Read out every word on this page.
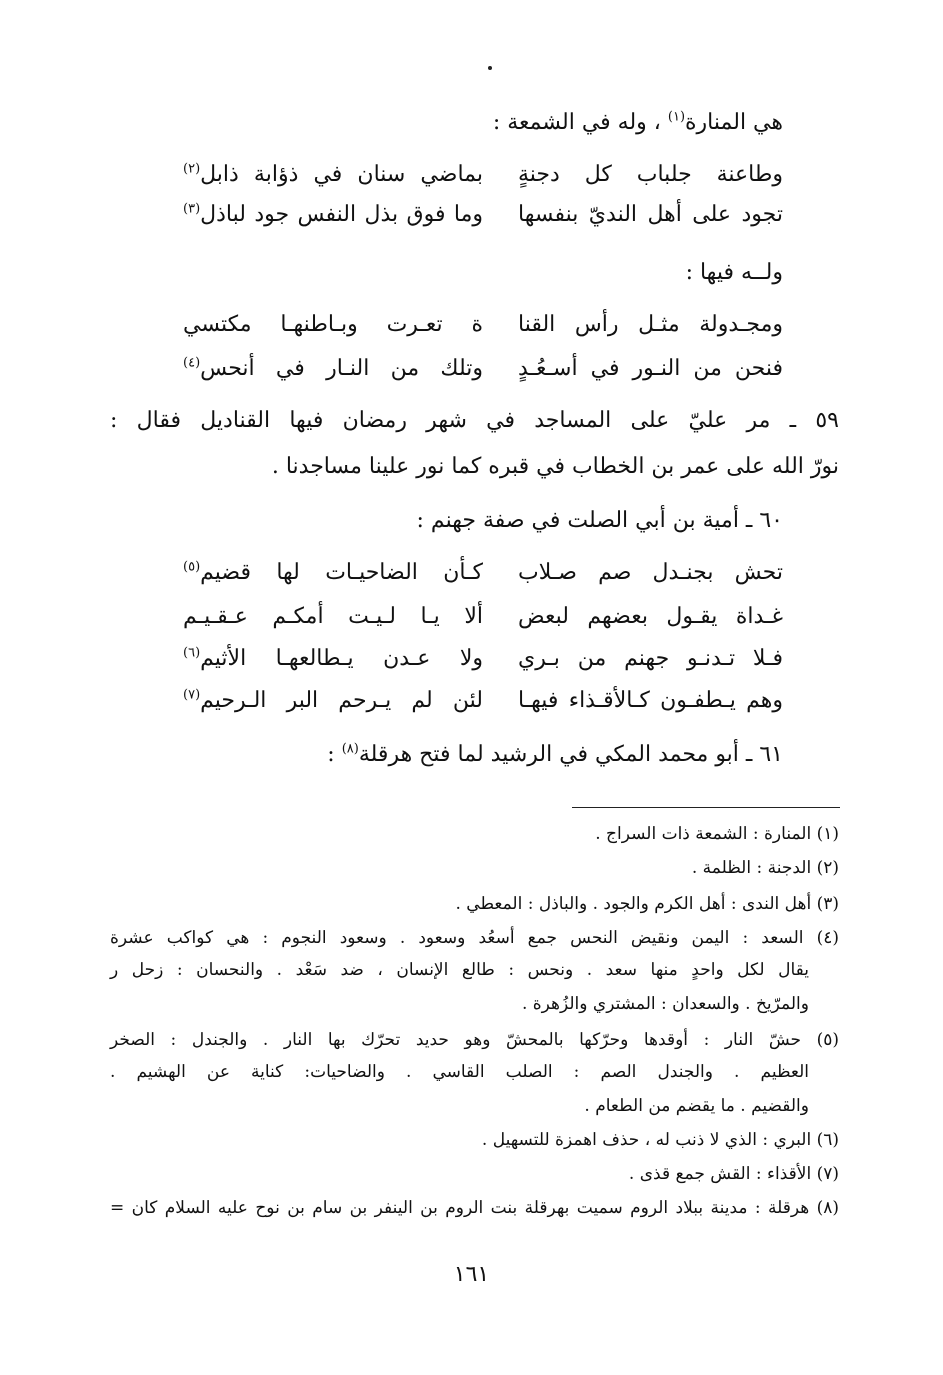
هي المنارة$^{(١)}$ ، وله في الشمعة :
وطاعنة جلباب كل دجنةٍ
بماضي سنان في ذؤابة ذابل$^{(٢)}$
تجود على أهل النديّ بنفسها
وما فوق بذل النفس جود لباذل$^{(٣)}$
ولــه فيها :
ومجـدولة مثـل رأس القنا
ة تعـرت وبـاطنهـا مكتسي
فنحن من النـور في أسـعُـدٍ
وتلك من النـار في أنحس$^{(٤)}$
٥٩ ـ مر عليّ على المساجد في شهر رمضان فيها القناديل فقال :
نورّ الله على عمر بن الخطاب في قبره كما نور علينا مساجدنا .
٦٠ ـ أمية بن أبي الصلت في صفة جهنم :
تحش بجنـدل صم صـلاب
كـأن الضاحيـات لها قضيم$^{(٥)}$
غـداة يقـول بعضهم لبعض
ألا يـا لـيـت أمكـم عـقـيـم
فـلا تـدنـو جهنم من بـري
ولا عـدن يـطالعهـا الأثيم$^{(٦)}$
وهم يـطفـون كـالأقـذاء فيهـا
لئن لم يـرحم البر الـرحيم$^{(٧)}$
٦١ ـ أبو محمد المكي في الرشيد لما فتح هرقلة$^{(٨)}$ :
(١) المنارة : الشمعة ذات السراج .
(٢) الدجنة : الظلمة .
(٣) أهل الندى : أهل الكرم والجود . والباذل : المعطي .
(٤) السعد : اليمن ونقيض النحس جمع أسعُد وسعود . وسعود النجوم : هي كواكب عشرة
يقال لكل واحدٍ منها سعد . ونحس : طالع الإنسان ، ضد سَعْد . والنحسان : زحل ر
والمرّيخ . والسعدان : المشتري والزُهرة .
(٥) حشّ النار : أوقدها وحرّكها بالمحشّ وهو حديد تحرّك بها النار . والجندل : الصخر
العظيم . والجندل الصم : الصلب القاسي . والضاحيات: كناية عن الهشيم .
والقضيم . ما يقضم من الطعام .
(٦) البري : الذي لا ذنب له ، حذف اهمزة للتسهيل .
(٧) الأقذاء : القش جمع قذى .
(٨) هرقلة : مدينة ببلاد الروم سميت بهرقلة بنت الروم بن الينفر بن سام بن نوح عليه السلام كان =
١٦١
